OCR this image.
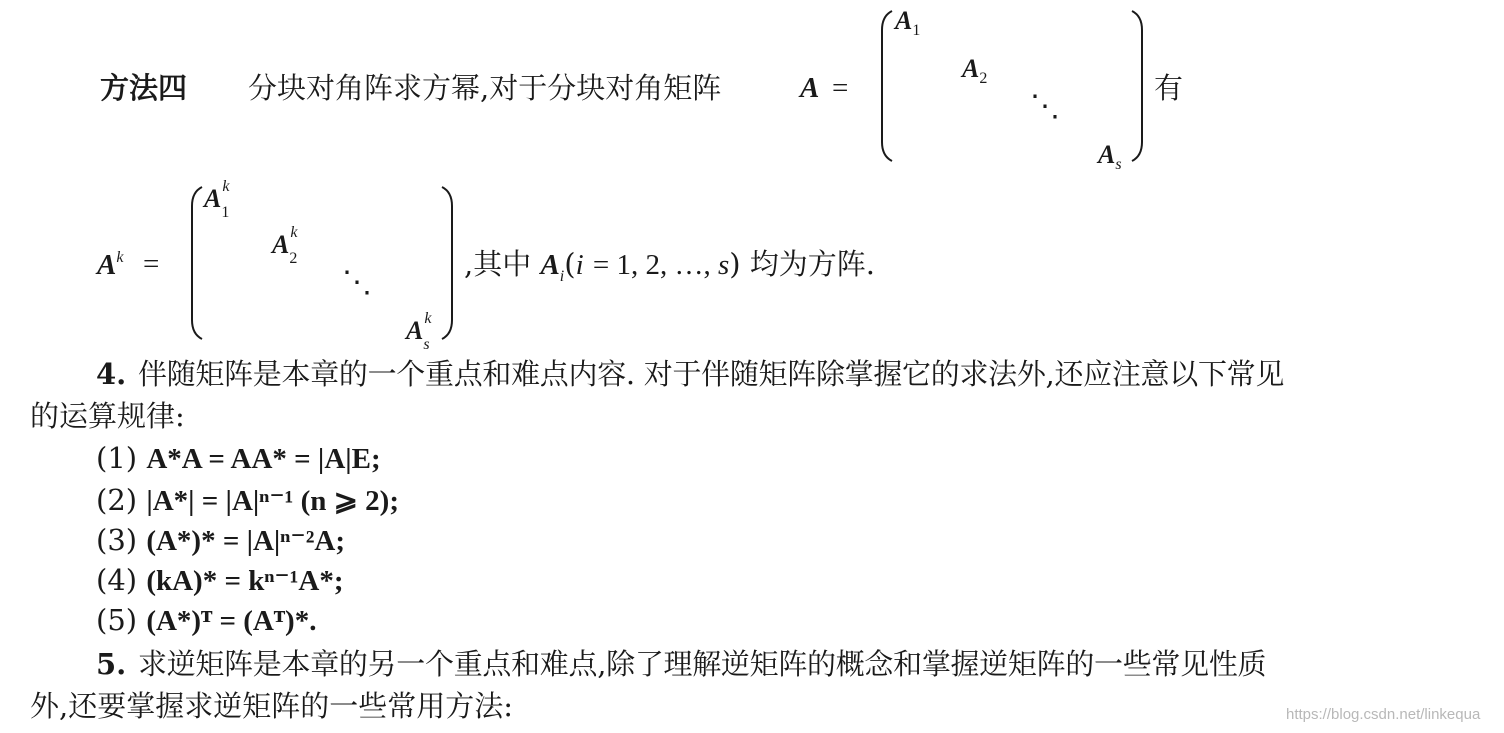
方法四 分块对角阵求方幂,对于分块对角矩阵	A =
$A_1$
$A_2$
⋱
$A_s$
有
$A^k$ =
A k
1
A k
2
⋱
A k
s
,其中 $A_i(i = 1$, 2, …, s) 均为方阵.
4. 伴随矩阵是本章的一个重点和难点内容. 对于伴随矩阵除掌握它的求法外,还应注意以下常见
的运算规律:
(1) A*A = AA* = |A|E;
(2) |A*| = |A|ⁿ⁻¹ (n ⩾ 2);
(3) (A*)* = |A|ⁿ⁻²A;
(4) (kA)* = kⁿ⁻¹A*;
(5) (A*)ᵀ = (Aᵀ)*.
5. 求逆矩阵是本章的另一个重点和难点,除了理解逆矩阵的概念和掌握逆矩阵的一些常见性质
外,还要掌握求逆矩阵的一些常用方法:	https://blog.csdn.net/linkequa
